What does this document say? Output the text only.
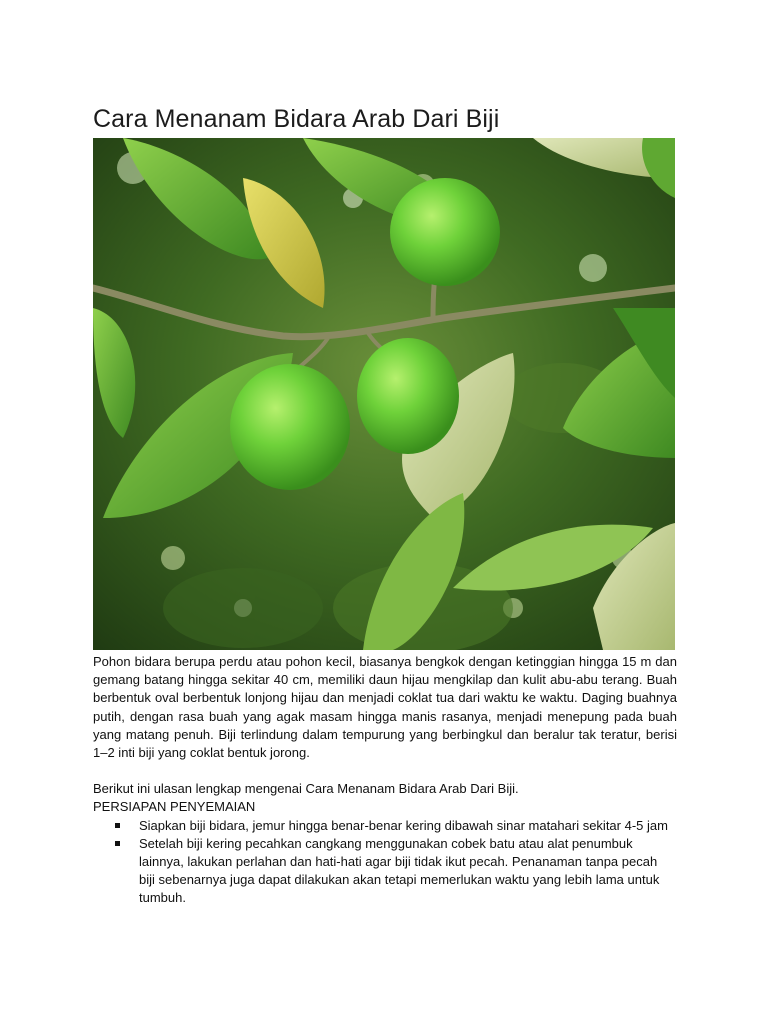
Cara Menanam Bidara Arab Dari Biji

Pohon bidara berupa perdu atau pohon kecil, biasanya bengkok dengan ketinggian hingga 15 m dan gemang batang hingga sekitar 40 cm, memiliki daun hijau mengkilap dan kulit abu-abu terang. Buah berbentuk oval berbentuk lonjong hijau dan menjadi coklat tua dari waktu ke waktu. Daging buahnya putih, dengan rasa buah yang agak masam hingga manis rasanya, menjadi menepung pada buah yang matang penuh. Biji terlindung dalam tempurung yang berbingkul dan beralur tak teratur, berisi 1–2 inti biji yang coklat bentuk jorong.

Berikut ini ulasan lengkap mengenai Cara Menanam Bidara Arab Dari Biji.

PERSIAPAN PENYEMAIAN

Siapkan biji bidara, jemur hingga benar-benar kering dibawah sinar matahari sekitar 4-5 jam
Setelah biji kering pecahkan cangkang menggunakan cobek batu atau alat penumbuk lainnya, lakukan perlahan dan hati-hati agar biji tidak ikut pecah. Penanaman tanpa pecah biji sebenarnya juga dapat dilakukan akan tetapi memerlukan waktu yang lebih lama untuk tumbuh.
